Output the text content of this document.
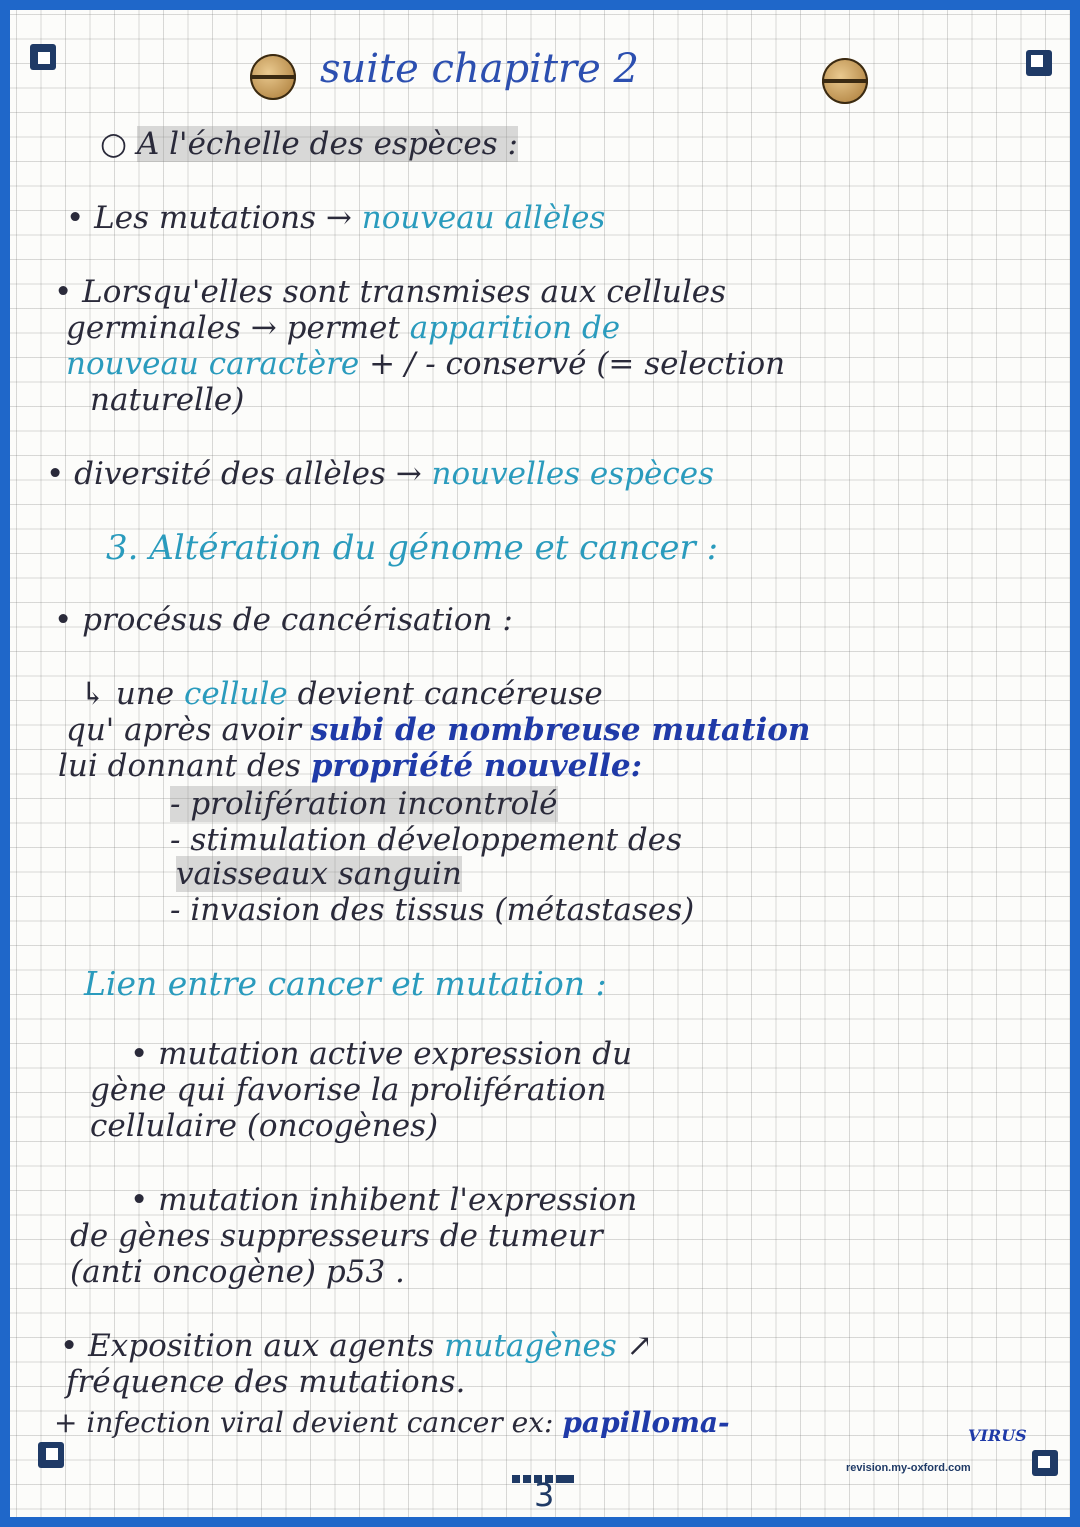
suite chapitre 2
○ A l'échelle des espèces :
• Les mutations → nouveau allèles
• Lorsqu'elles sont transmises aux cellules
germinales → permet apparition de
nouveau caractère + / - conservé (= selection
naturelle)
• diversité des allèles → nouvelles espèces
3. Altération du génome et cancer :
• procésus de cancérisation :
↳ une cellule devient cancéreuse
qu' après avoir subi de nombreuse mutation
lui donnant des propriété nouvelle:
- prolifération incontrolé
- stimulation développement des
vaisseaux sanguin
- invasion des tissus (métastases)
Lien entre cancer et mutation :
• mutation active expression du
gène qui favorise la prolifération
cellulaire (oncogènes)
• mutation inhibent l'expression
de gènes suppresseurs de tumeur
(anti oncogène) p53 .
• Exposition aux agents mutagènes ↗
fréquence des mutations.
+ infection viral devient cancer ex: papilloma-	VIRUS
3
revision.my-oxford.com
